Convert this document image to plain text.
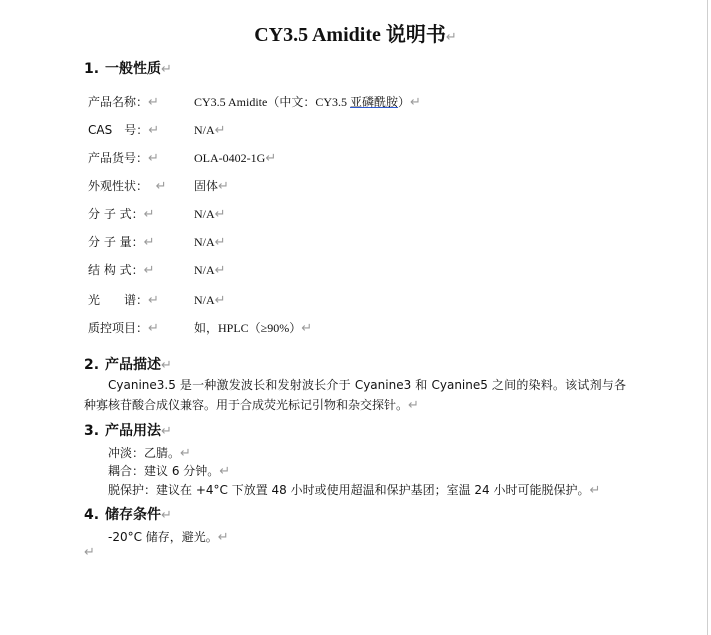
CY3.5 Amidite 说明书↵
1. 一般性质↵
产品名称：↵	CY3.5 Amidite（中文：CY3.5 亚磷酰胺）↵
CAS　号：↵	N/A↵
产品货号：↵	OLA-0402-1G↵
外观性状： ↵ 固体↵
分 子 式：↵	N/A↵
分 子 量：↵	N/A↵
结 构 式：↵	N/A↵
光　　谱：↵	N/A↵
质控项目：↵	如，HPLC（≥90%）↵
2. 产品描述↵
Cyanine3.5 是一种激发波长和发射波长介于 Cyanine3 和 Cyanine5 之间的染料。该试剂与各种寡核苷酸合成仪兼容。用于合成荧光标记引物和杂交探针。↵
3. 产品用法↵
冲淡：乙腈。↵
耦合：建议 6 分钟。↵
脱保护：建议在 +4°C 下放置 48 小时或使用超温和保护基团；室温 24 小时可能脱保护。↵
4. 储存条件↵
-20°C 储存，避光。↵
↵
